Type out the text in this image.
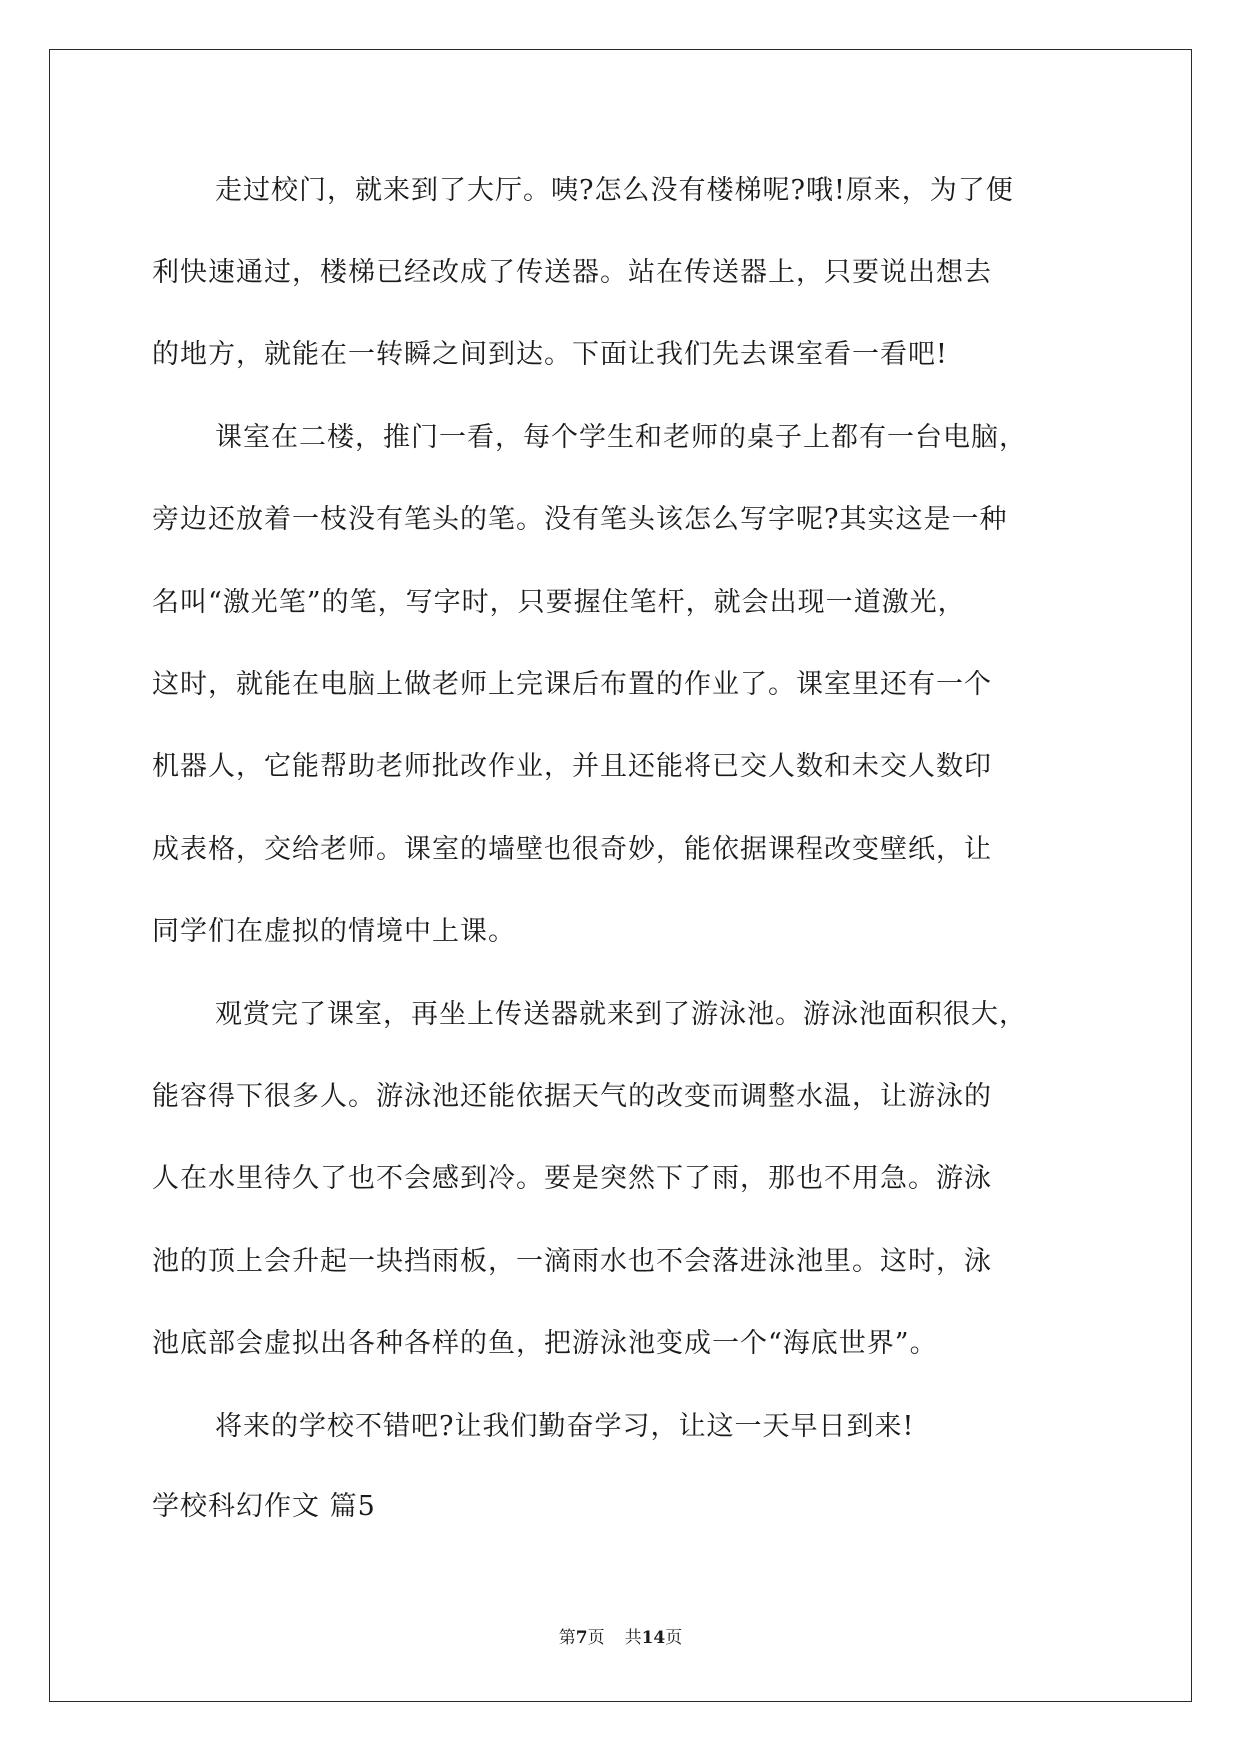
走过校门，就来到了大厅。咦?怎么没有楼梯呢?哦!原来，为了便

利快速通过，楼梯已经改成了传送器。站在传送器上，只要说出想去

的地方，就能在一转瞬之间到达。下面让我们先去课室看一看吧!

课室在二楼，推门一看，每个学生和老师的桌子上都有一台电脑，

旁边还放着一枝没有笔头的笔。没有笔头该怎么写字呢?其实这是一种

名叫“激光笔”的笔，写字时，只要握住笔杆，就会出现一道激光，

这时，就能在电脑上做老师上完课后布置的作业了。课室里还有一个

机器人，它能帮助老师批改作业，并且还能将已交人数和未交人数印

成表格，交给老师。课室的墙壁也很奇妙，能依据课程改变壁纸，让

同学们在虚拟的情境中上课。

观赏完了课室，再坐上传送器就来到了游泳池。游泳池面积很大，

能容得下很多人。游泳池还能依据天气的改变而调整水温，让游泳的

人在水里待久了也不会感到冷。要是突然下了雨，那也不用急。游泳

池的顶上会升起一块挡雨板，一滴雨水也不会落进泳池里。这时，泳

池底部会虚拟出各种各样的鱼，把游泳池变成一个“海底世界”。

将来的学校不错吧?让我们勤奋学习，让这一天早日到来!

学校科幻作文 篇5

第7页 共14页
